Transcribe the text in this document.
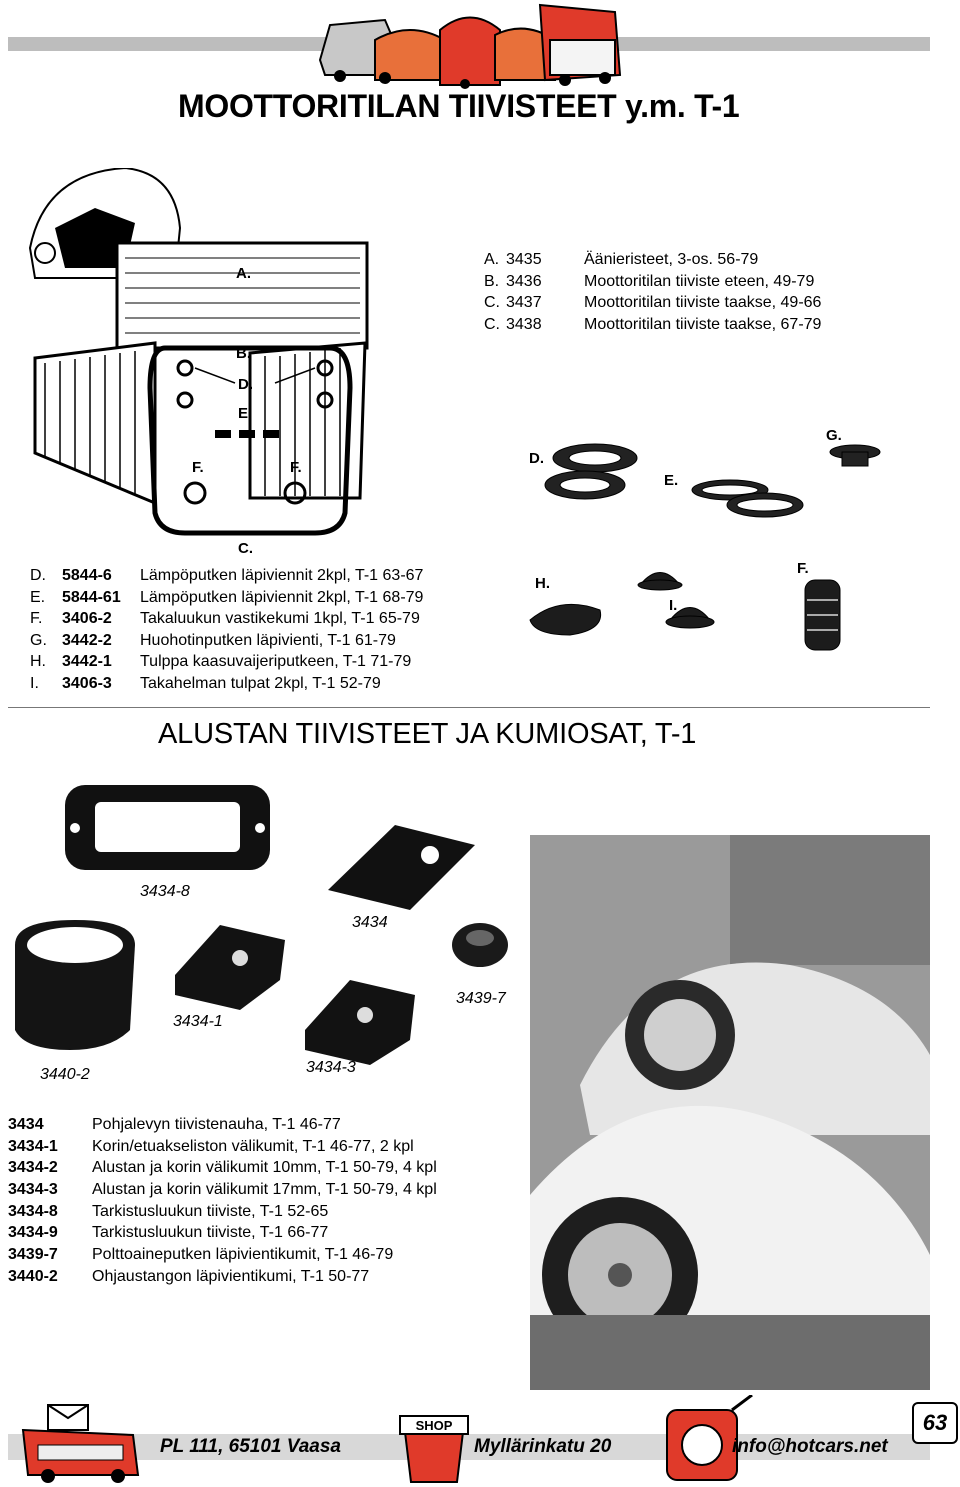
MOOTTORITILAN TIIVISTEET y.m. T-1
A.
B.
D.
E.
F.	F.
C.
A. 3435	Äänieristeet, 3-os. 56-79
B. 3436	Moottoritilan tiiviste eteen, 49-79
C. 3437	Moottoritilan tiiviste taakse, 49-66
C. 3438	Moottoritilan tiiviste taakse, 67-79
D.
E.
G.
D.	5844-6	Lämpöputken läpiviennit 2kpl, T-1 63-67
E.	5844-61	Lämpöputken läpiviennit 2kpl, T-1 68-79
F.	3406-2	Takaluukun vastikekumi 1kpl, T-1 65-79
G. 3442-2	Huohotinputken läpivienti, T-1 61-79
H.	3442-1	Tulppa kaasuvaijeriputkeen, T-1 71-79
I.	3406-3	Takahelman tulpat 2kpl, T-1 52-79
H.
I.
F.
ALUSTAN TIIVISTEET JA KUMIOSAT, T-1
3434-8
3434
3439-7
3434-1
3440-2	3434-3
3434	Pohjalevyn tiivistenauha, T-1 46-77
3434-1	Korin/etuakseliston välikumit, T-1 46-77, 2 kpl
3434-2	Alustan ja korin välikumit 10mm, T-1 50-79, 4 kpl
3434-3	Alustan ja korin välikumit 17mm, T-1 50-79, 4 kpl
3434-8	Tarkistusluukun tiiviste, T-1 52-65
3434-9	Tarkistusluukun tiiviste, T-1 66-77
3439-7	Polttoaineputken läpivientikumit, T-1 46-79
3440-2	Ohjaustangon läpivientikumi, T-1 50-77
PL 111, 65101 Vaasa
SHOP
Myllärinkatu 20	info@hotcars.net
63
